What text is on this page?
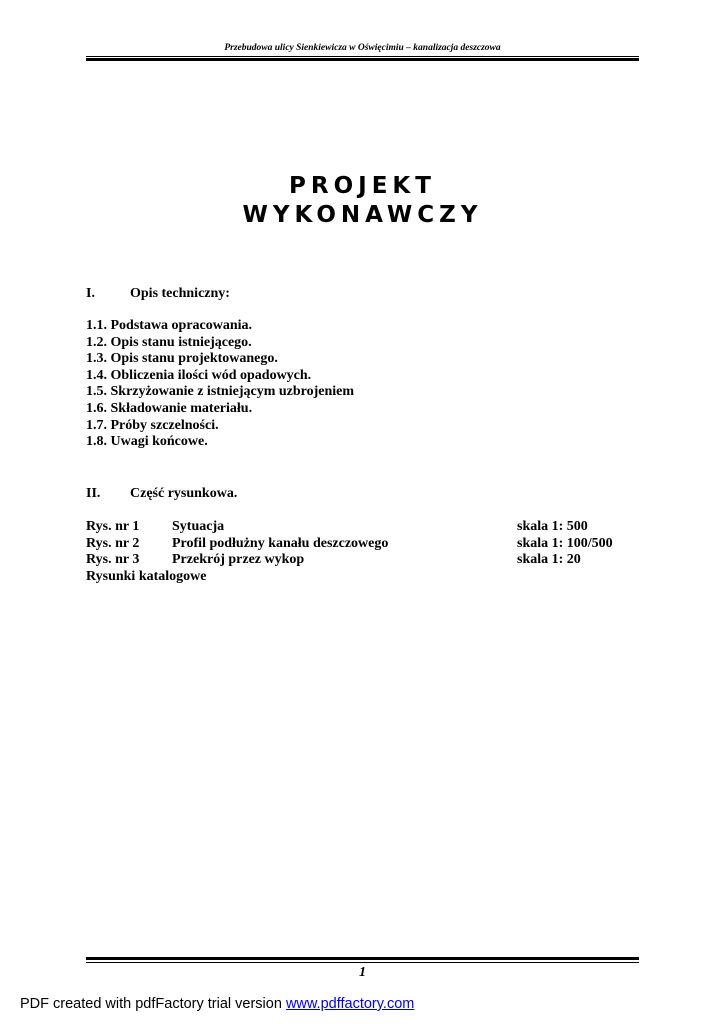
Przebudowa ulicy Sienkiewicza w Oświęcimiu – kanalizacja deszczowa
PROJEKT
WYKONAWCZY
I.	Opis techniczny:
1.1. Podstawa opracowania.
1.2. Opis stanu istniejącego.
1.3. Opis stanu projektowanego.
1.4. Obliczenia ilości wód opadowych.
1.5. Skrzyżowanie z istniejącym uzbrojeniem
1.6. Składowanie materiału.
1.7. Próby szczelności.
1.8. Uwagi końcowe.
II. Część rysunkowa.
Rys. nr 1 Sytuacja	skala 1: 500
Rys. nr 2 Profil podłużny kanału deszczowego	skala 1: 100/500
Rys. nr 3 Przekrój przez wykop	skala 1: 20
Rysunki katalogowe
1
PDF created with pdfFactory trial version www.pdffactory.com
